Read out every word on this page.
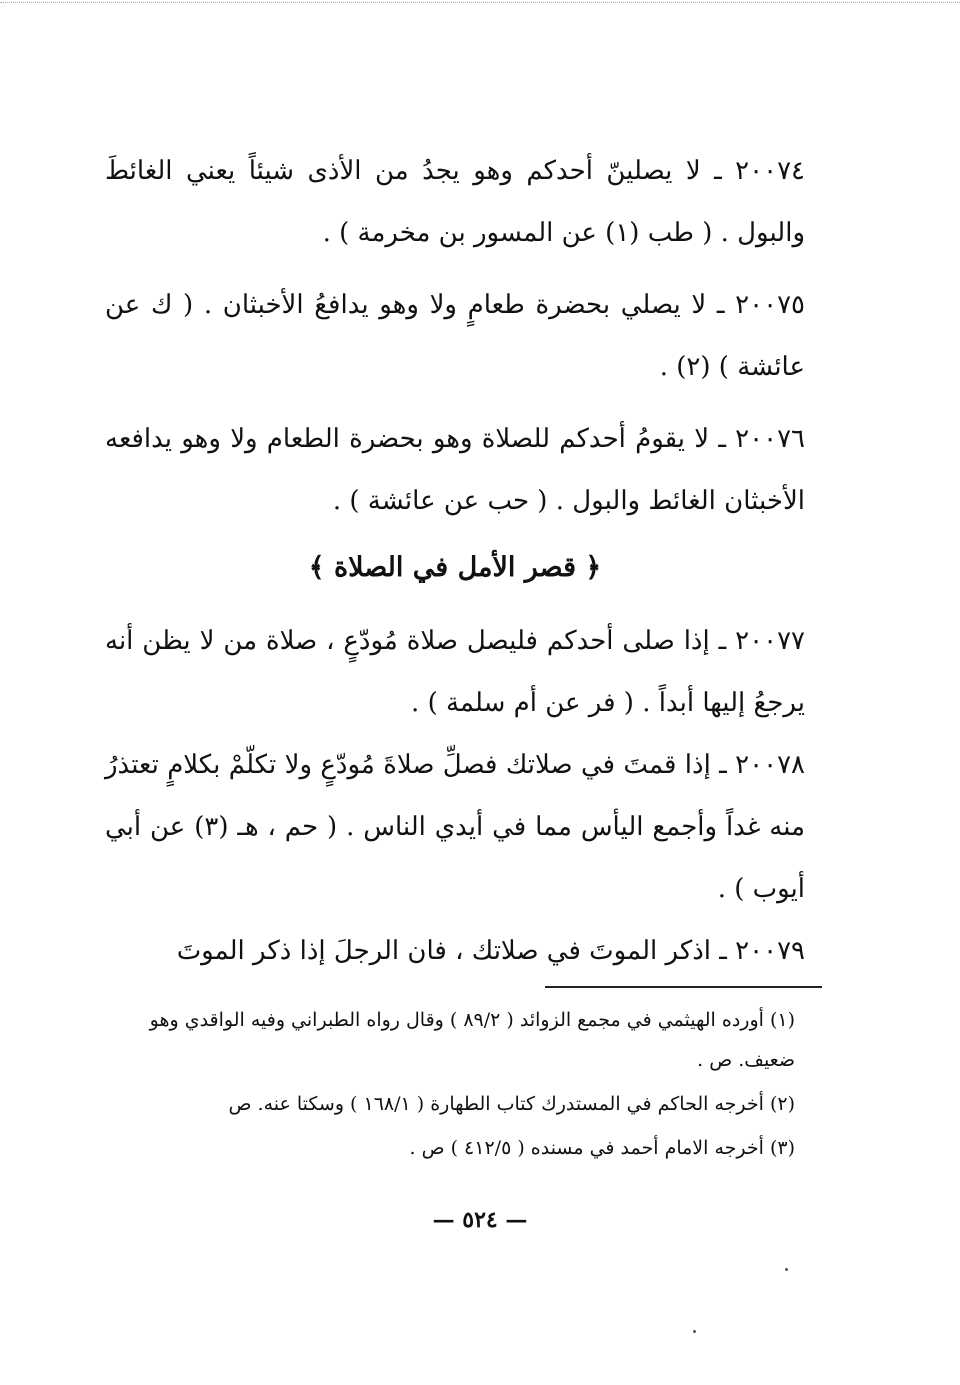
٢٠٠٧٤ ـ لا يصلينّ أحدكم وهو يجدُ من الأذى شيئاً يعني الغائطَ والبول . ( طب (١) عن المسور بن مخرمة ) .

٢٠٠٧٥ ـ لا يصلي بحضرة طعامٍ ولا وهو يدافعُ الأخبثان . ( ك عن عائشة ) (٢) .

٢٠٠٧٦ ـ لا يقومُ أحدكم للصلاة وهو بحضرة الطعام ولا وهو يدافعه الأخبثان الغائط والبول . ( حب عن عائشة ) .

﴿ قصر الأمل في الصلاة ﴾

٢٠٠٧٧ ـ إذا صلى أحدكم فليصل صلاة مُودّعٍ ، صلاة من لا يظن أنه يرجعُ إليها أبداً . ( فر عن أم سلمة ) .

٢٠٠٧٨ ـ إذا قمتَ في صلاتك فصلِّ صلاةَ مُودّعٍ ولا تكلّمْ بكلامٍ تعتذرُ منه غداً وأجمع اليأس مما في أيدي الناس . ( حم ، هـ (٣) عن أبي أيوب ) .

٢٠٠٧٩ ـ اذكر الموتَ في صلاتك ، فان الرجلَ إذا ذكر الموتَ

(١) أورده الهيثمي في مجمع الزوائد ( ٨٩/٢ ) وقال رواه الطبراني وفيه الواقدي وهو ضعيف. ص .

(٢) أخرجه الحاكم في المستدرك كتاب الطهارة ( ١٦٨/١ ) وسكتا عنه. ص

(٣) أخرجه الامام أحمد في مسنده ( ٤١٢/٥ ) ص .

— ٥٢٤ —
